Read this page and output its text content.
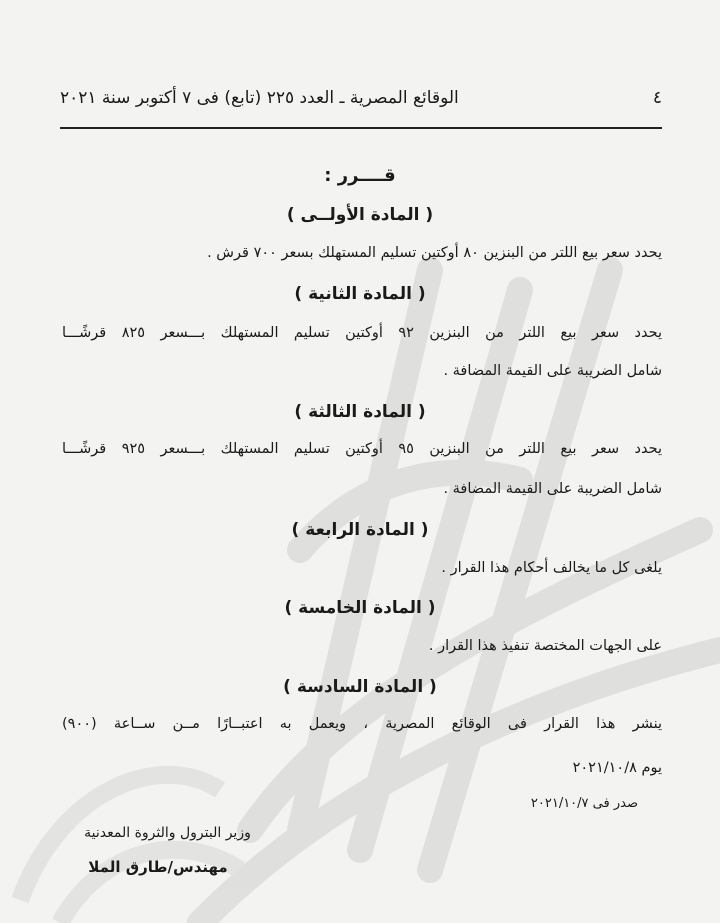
٤
الوقائع المصرية ـ العدد ٢٢٥ (تابع) فى ٧ أكتوبر سنة ٢٠٢١
قــــرر :
( المادة الأولــى )
يحدد سعر بيع اللتر من البنزين ٨٠ أوكتين تسليم المستهلك بسعر ٧٠٠ قرش .
( المادة الثانية )
يحدد سعر بيع اللتر من البنزين ٩٢ أوكتين تسليم المستهلك بـــسعر ٨٢٥ قرشًـــا
شامل الضريبة على القيمة المضافة .
( المادة الثالثة )
يحدد سعر بيع اللتر من البنزين ٩٥ أوكتين تسليم المستهلك بـــسعر ٩٢٥ قرشًـــا
شامل الضريبة على القيمة المضافة .
( المادة الرابعة )
يلغى كل ما يخالف أحكام هذا القرار .
( المادة الخامسة )
على الجهات المختصة تنفيذ هذا القرار .
( المادة السادسة )
ينشر هذا القرار فى الوقائع المصرية ، ويعمل به اعتبــارًا مــن ســاعة (٩٠٠)
يوم ٢٠٢١/١٠/٨
صدر فى ٢٠٢١/١٠/٧
وزير البترول والثروة المعدنية
مهندس/طارق الملا
